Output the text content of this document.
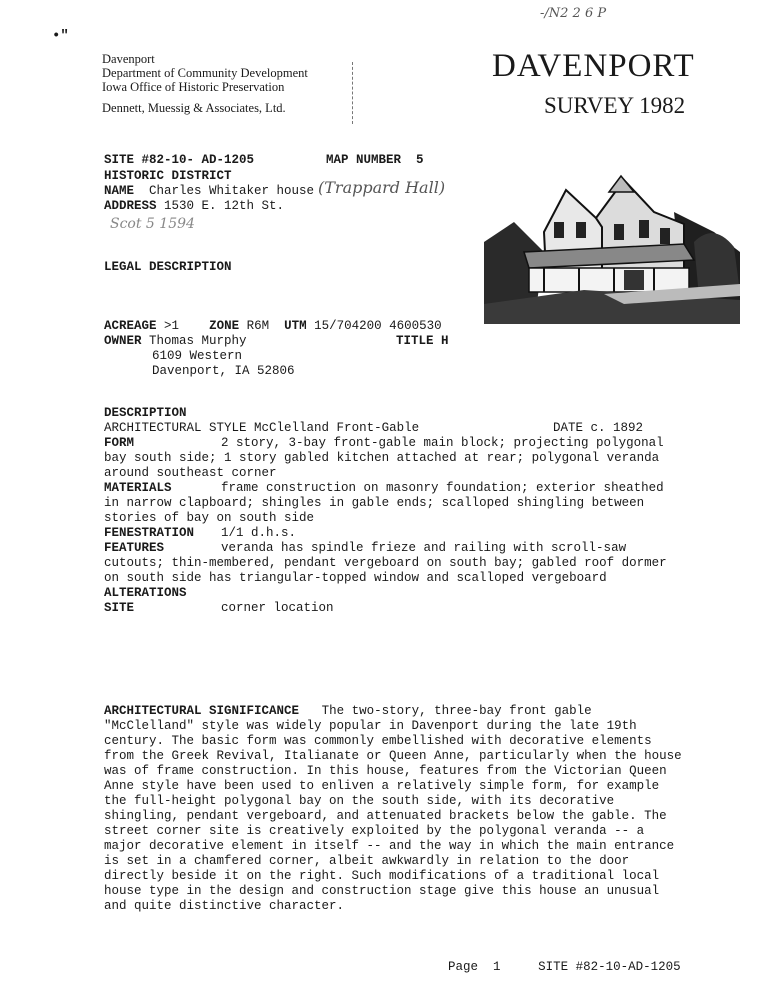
-/N2 2 6 P
•"
Davenport
Department of Community Development
Iowa Office of Historic Preservation
Dennett, Muessig & Associates, Ltd.
DAVENPORT
SURVEY 1982
SITE #82-10- AD-1205	MAP NUMBER 5
HISTORIC DISTRICT
NAME Charles Whitaker house (Trappard Hall)
ADDRESS 1530 E. 12th St.
Scot 5 1594
LEGAL DESCRIPTION
ACREAGE >1 ZONE R6M UTM 15/704200 4600530
OWNER Thomas Murphy
6109 Western
Davenport, IA 52806
TITLE H
DESCRIPTION
ARCHITECTURAL STYLE McClelland Front-Gable	DATE c. 1892
FORM	2 story, 3-bay front-gable main block; projecting polygonal bay south side; 1 story gabled kitchen attached at rear; polygonal veranda around southeast corner
MATERIALS	frame construction on masonry foundation; exterior sheathed in narrow clapboard; shingles in gable ends; scalloped shingling between stories of bay on south side
FENESTRATION 1/1 d.h.s.
FEATURES	veranda has spindle frieze and railing with scroll-saw cutouts; thin-membered, pendant vergeboard on south bay; gabled roof dormer on south side has triangular-topped window and scalloped vergeboard
ALTERATIONS
SITE	corner location
ARCHITECTURAL SIGNIFICANCE The two-story, three-bay front gable "McClelland" style was widely popular in Davenport during the late 19th century. The basic form was commonly embellished with decorative elements from the Greek Revival, Italianate or Queen Anne, particularly when the house was of frame construction. In this house, features from the Victorian Queen Anne style have been used to enliven a relatively simple form, for example the full-height polygonal bay on the south side, with its decorative shingling, pendant vergeboard, and attenuated brackets below the gable. The street corner site is creatively exploited by the polygonal veranda -- a major decorative element in itself -- and the way in which the main entrance is set in a chamfered corner, albeit awkwardly in relation to the door directly beside it on the right. Such modifications of a traditional local house type in the design and construction stage give this house an unusual and quite distinctive character.
Page 1	SITE #82-10-AD-1205
